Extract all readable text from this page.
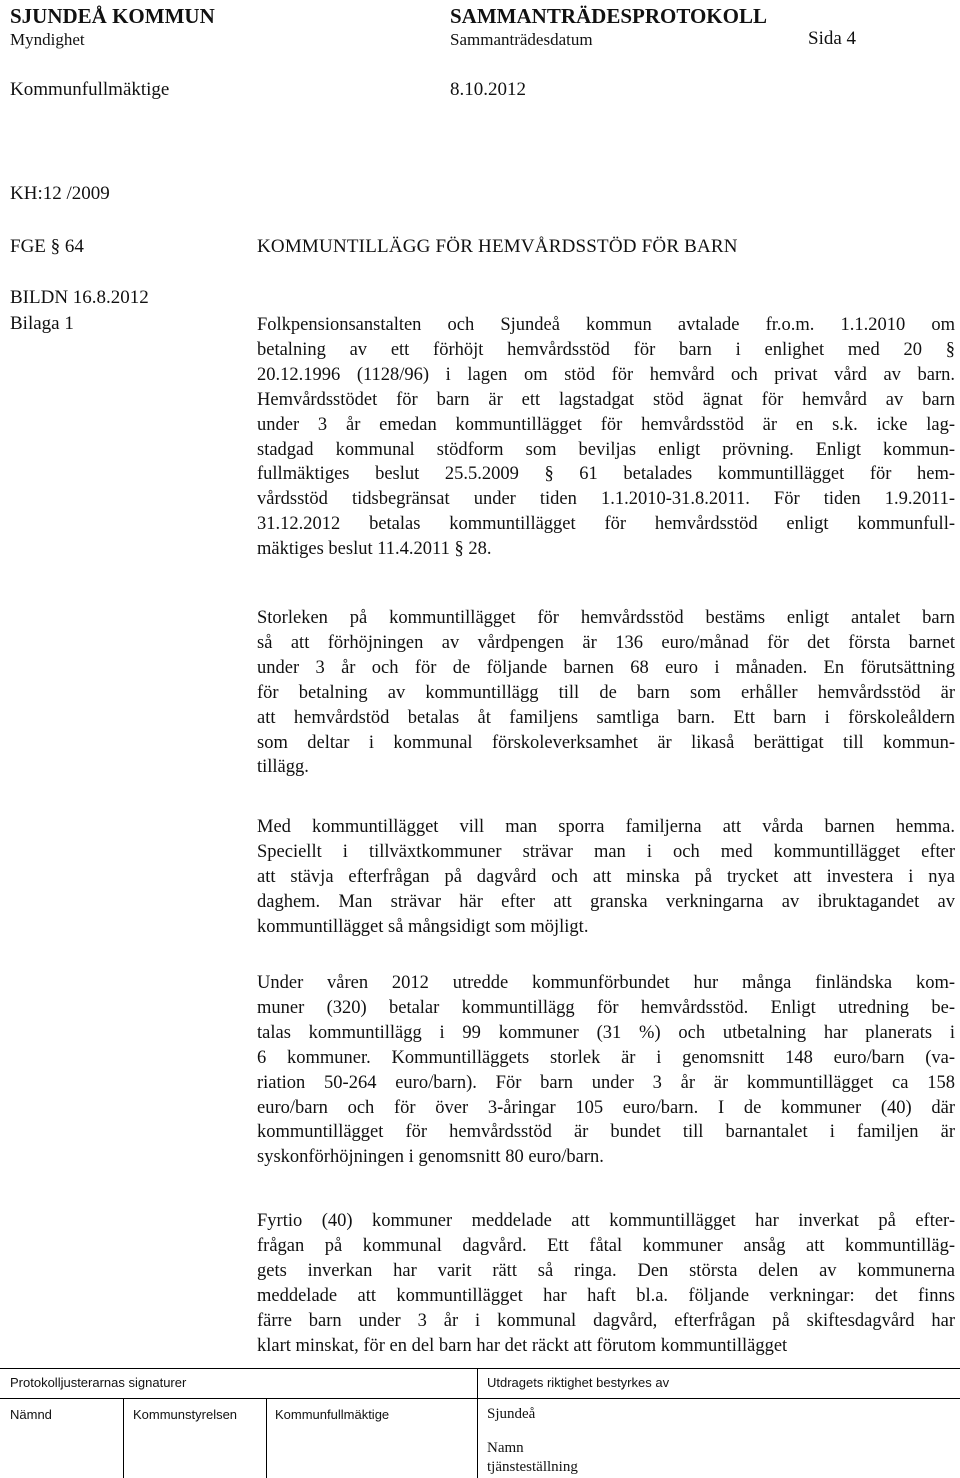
SJUNDEÅ KOMMUN	SAMMANTRÄDESPROTOKOLL
Myndighet	Sammanträdesdatum	Sida 4
Kommunfullmäktige	8.10.2012
KH:12 /2009
FGE § 64
BILDN 16.8.2012
Bilaga 1
KOMMUNTILLÄGG FÖR HEMVÅRDSSTÖD FÖR BARN
Folkpensionsanstalten och Sjundeå kommun avtalade fr.o.m. 1.1.2010 om
betalning av ett förhöjt hemvårdsstöd för barn i enlighet med 20 §
20.12.1996 (1128/96) i lagen om stöd för hemvård och privat vård av barn.
Hemvårdsstödet för barn är ett lagstadgat stöd ägnat för hemvård av barn
under 3 år emedan kommuntillägget för hemvårdsstöd är en s.k. icke lag-
stadgad kommunal stödform som beviljas enligt prövning. Enligt kommun-
fullmäktiges beslut 25.5.2009 § 61 betalades kommuntillägget för hem-
vårdsstöd tidsbegränsat under tiden 1.1.2010-31.8.2011. För tiden 1.9.2011-
31.12.2012 betalas kommuntillägget för hemvårdsstöd enligt kommunfull-
mäktiges beslut 11.4.2011 § 28.
Storleken på kommuntillägget för hemvårdsstöd bestäms enligt antalet barn
så att förhöjningen av vårdpengen är 136 euro/månad för det första barnet
under 3 år och för de följande barnen 68 euro i månaden. En förutsättning
för betalning av kommuntillägg till de barn som erhåller hemvårdsstöd är
att hemvårdstöd betalas åt familjens samtliga barn. Ett barn i förskoleåldern
som deltar i kommunal förskoleverksamhet är likaså berättigat till kommun-
tillägg.
Med kommuntillägget vill man sporra familjerna att vårda barnen hemma.
Speciellt i tillväxtkommuner strävar man i och med kommuntillägget efter
att stävja efterfrågan på dagvård och att minska på trycket att investera i nya
daghem. Man strävar här efter att granska verkningarna av ibruktagandet av
kommuntillägget så mångsidigt som möjligt.
Under våren 2012 utredde kommunförbundet hur många finländska kom-
muner (320) betalar kommuntillägg för hemvårdsstöd. Enligt utredning be-
talas kommuntillägg i 99 kommuner (31 %) och utbetalning har planerats i
6 kommuner. Kommuntilläggets storlek är i genomsnitt 148 euro/barn (va-
riation 50-264 euro/barn). För barn under 3 år är kommuntillägget ca 158
euro/barn och för över 3-åringar 105 euro/barn. I de kommuner (40) där
kommuntillägget för hemvårdsstöd är bundet till barnantalet i familjen är
syskonförhöjningen i genomsnitt 80 euro/barn.
Fyrtio (40) kommuner meddelade att kommuntillägget har inverkat på efter-
frågan på kommunal dagvård. Ett fåtal kommuner ansåg att kommuntilläg-
gets inverkan har varit rätt så ringa. Den största delen av kommunerna
meddelade att kommuntillägget har haft bl.a. följande verkningar: det finns
färre barn under 3 år i kommunal dagvård, efterfrågan på skiftesdagvård har
klart minskat, för en del barn har det räckt att förutom kommuntillägget
Protokolljusterarnas signaturer	Utdragets riktighet bestyrkes av
Nämnd	Kommunstyrelsen	Kommunfullmäktige	Sjundeå
Namn
tjänsteställning
